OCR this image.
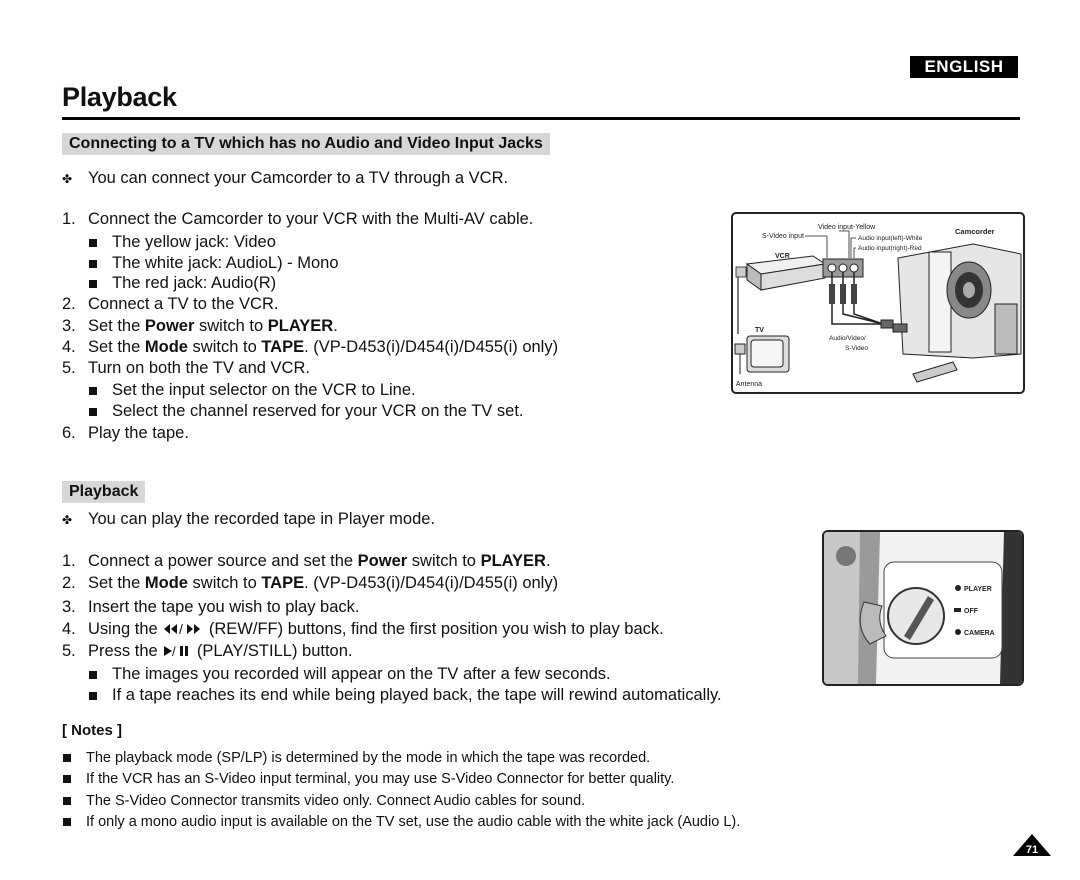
ENGLISH
Playback
Connecting to a TV which has no Audio and Video Input Jacks
✤ You can connect your Camcorder to a TV through a VCR.
1. Connect the Camcorder to your VCR with the Multi-AV cable.
The yellow jack: Video
The white jack: AudioL) - Mono
The red jack: Audio(R)
2. Connect a TV to the VCR.
3. Set the Power switch to PLAYER.
4. Set the Mode switch to TAPE. (VP-D453(i)/D454(i)/D455(i) only)
5. Turn on both the TV and VCR.
Set the input selector on the VCR to Line.
Select the channel reserved for your VCR on the TV set.
6. Play the tape.
S-Video input
Video input-Yellow
Audio input(left)-White
Audio input(right)-Red
Camcorder
VCR
TV
Audio/Video/
S-Video
Antenna
Playback
✤ You can play the recorded tape in Player mode.
1. Connect a power source and set the Power switch to PLAYER.
2. Set the Mode switch to TAPE. (VP-D453(i)/D454(i)/D455(i) only)
3. Insert the tape you wish to play back.
4. Using the / (REW/FF) buttons, find the first position you wish to play back.
5. Press the / (PLAY/STILL) button.
The images you recorded will appear on the TV after a few seconds.
If a tape reaches its end while being played back, the tape will rewind automatically.
PLAYER
OFF
CAMERA
[ Notes ]
The playback mode (SP/LP) is determined by the mode in which the tape was recorded.
If the VCR has an S-Video input terminal, you may use S-Video Connector for better quality.
The S-Video Connector transmits video only. Connect Audio cables for sound.
If only a mono audio input is available on the TV set, use the audio cable with the white jack (Audio L).
71
